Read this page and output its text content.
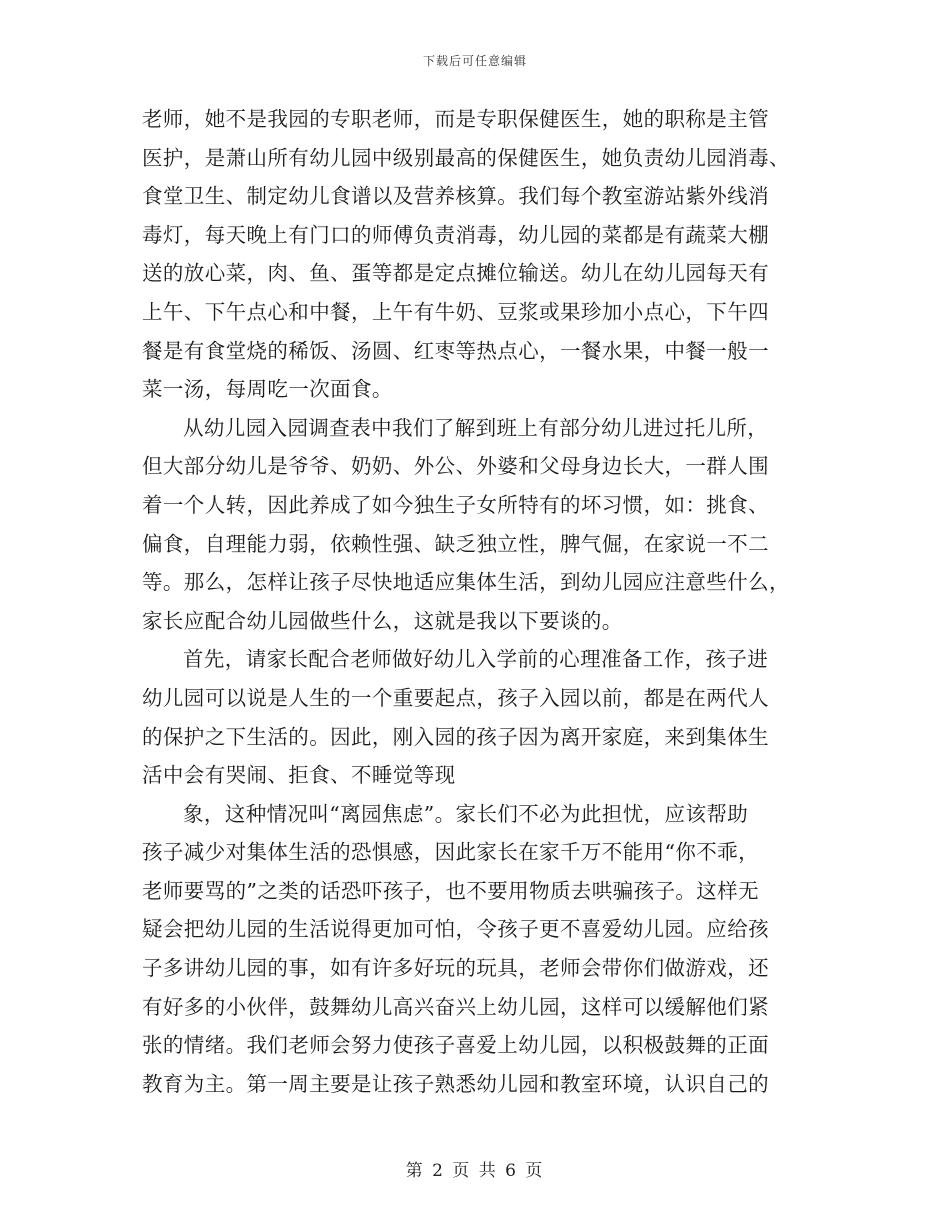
下载后可任意编辑
老师，她不是我园的专职老师，而是专职保健医生，她的职称是主管
医护，是萧山所有幼儿园中级别最高的保健医生，她负责幼儿园消毒、
食堂卫生、制定幼儿食谱以及营养核算。我们每个教室游站紫外线消
毒灯，每天晚上有门口的师傅负责消毒，幼儿园的菜都是有蔬菜大棚
送的放心菜，肉、鱼、蛋等都是定点摊位输送。幼儿在幼儿园每天有
上午、下午点心和中餐，上午有牛奶、豆浆或果珍加小点心，下午四
餐是有食堂烧的稀饭、汤圆、红枣等热点心，一餐水果，中餐一般一
菜一汤，每周吃一次面食。
从幼儿园入园调查表中我们了解到班上有部分幼儿进过托儿所，
但大部分幼儿是爷爷、奶奶、外公、外婆和父母身边长大，一群人围
着一个人转，因此养成了如今独生子女所特有的坏习惯，如：挑食、
偏食，自理能力弱，依赖性强、缺乏独立性，脾气倔，在家说一不二
等。那么，怎样让孩子尽快地适应集体生活，到幼儿园应注意些什么，
家长应配合幼儿园做些什么，这就是我以下要谈的。
首先，请家长配合老师做好幼儿入学前的心理准备工作，孩子进
幼儿园可以说是人生的一个重要起点，孩子入园以前，都是在两代人
的保护之下生活的。因此，刚入园的孩子因为离开家庭，来到集体生
活中会有哭闹、拒食、不睡觉等现
象，这种情况叫“离园焦虑”。家长们不必为此担忧，应该帮助
孩子减少对集体生活的恐惧感，因此家长在家千万不能用“你不乖，
老师要骂的”之类的话恐吓孩子，也不要用物质去哄骗孩子。这样无
疑会把幼儿园的生活说得更加可怕，令孩子更不喜爱幼儿园。应给孩
子多讲幼儿园的事，如有许多好玩的玩具，老师会带你们做游戏，还
有好多的小伙伴，鼓舞幼儿高兴奋兴上幼儿园，这样可以缓解他们紧
张的情绪。我们老师会努力使孩子喜爱上幼儿园，以积极鼓舞的正面
教育为主。第一周主要是让孩子熟悉幼儿园和教室环境，认识自己的
第 2 页 共 6 页
